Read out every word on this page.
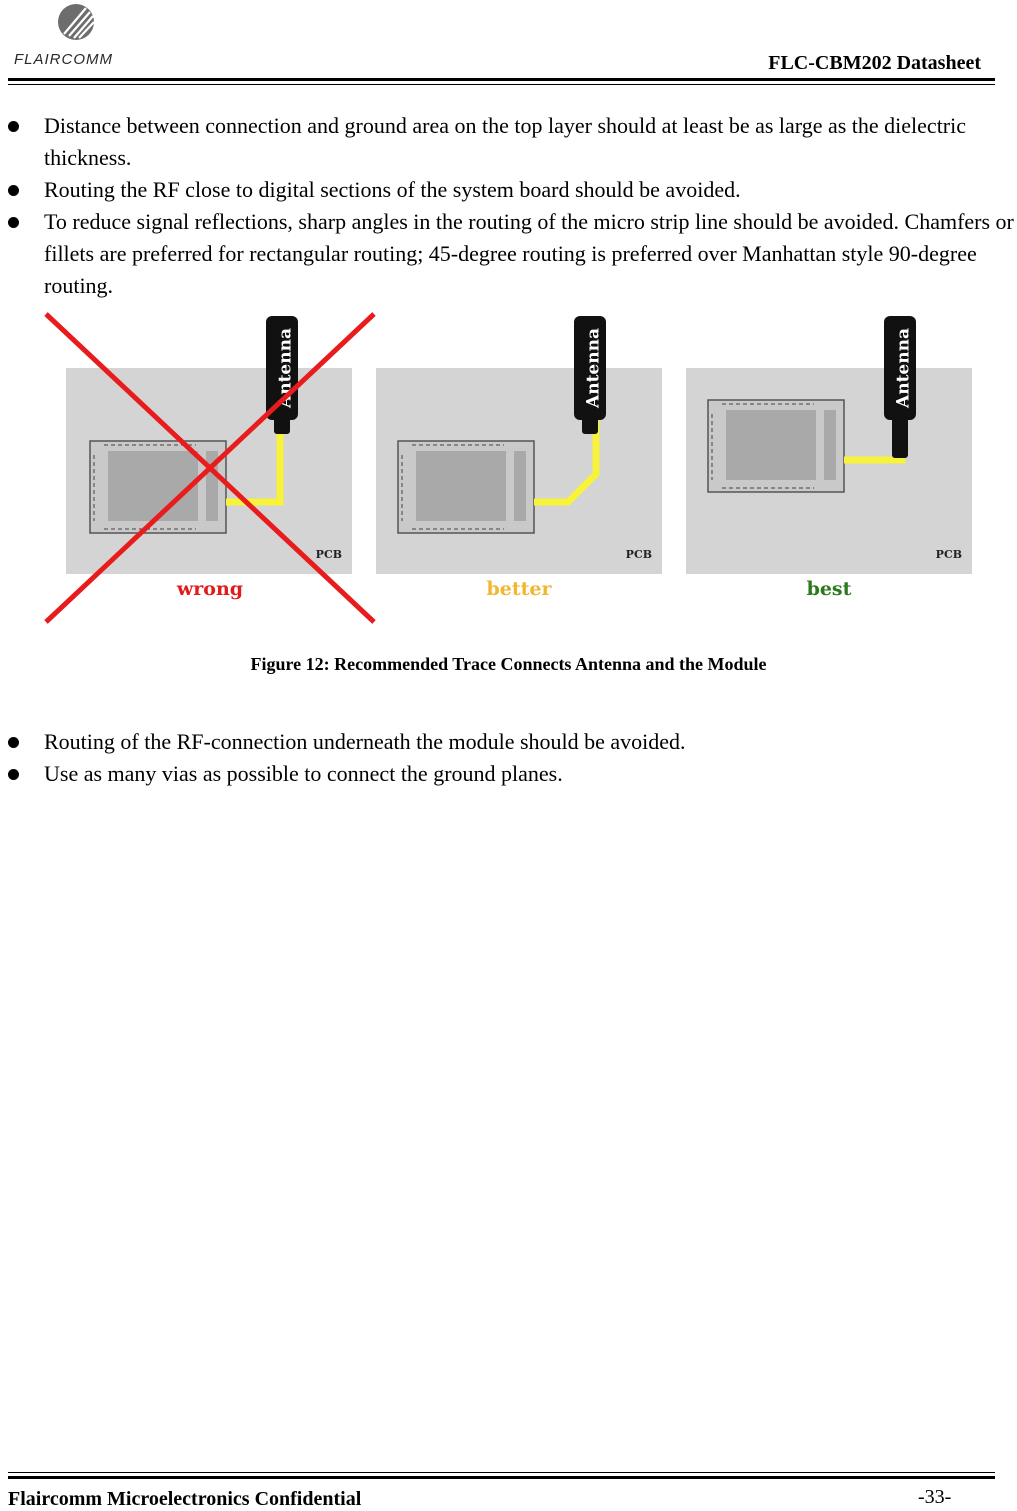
FLAIRCOMM	FLC-CBM202 Datasheet
Distance between connection and ground area on the top layer should at least be as large as the dielectric thickness.
Routing the RF close to digital sections of the system board should be avoided.
To reduce signal reflections, sharp angles in the routing of the micro strip line should be avoided. Chamfers or fillets are preferred for rectangular routing; 45-degree routing is preferred over Manhattan style 90-degree routing.
Antenna
PCB
wrong
Antenna
PCB
better
Antenna
PCB
best
Figure 12: Recommended Trace Connects Antenna and the Module
Routing of the RF-connection underneath the module should be avoided.
Use as many vias as possible to connect the ground planes.
Flaircomm Microelectronics Confidential	-33-
